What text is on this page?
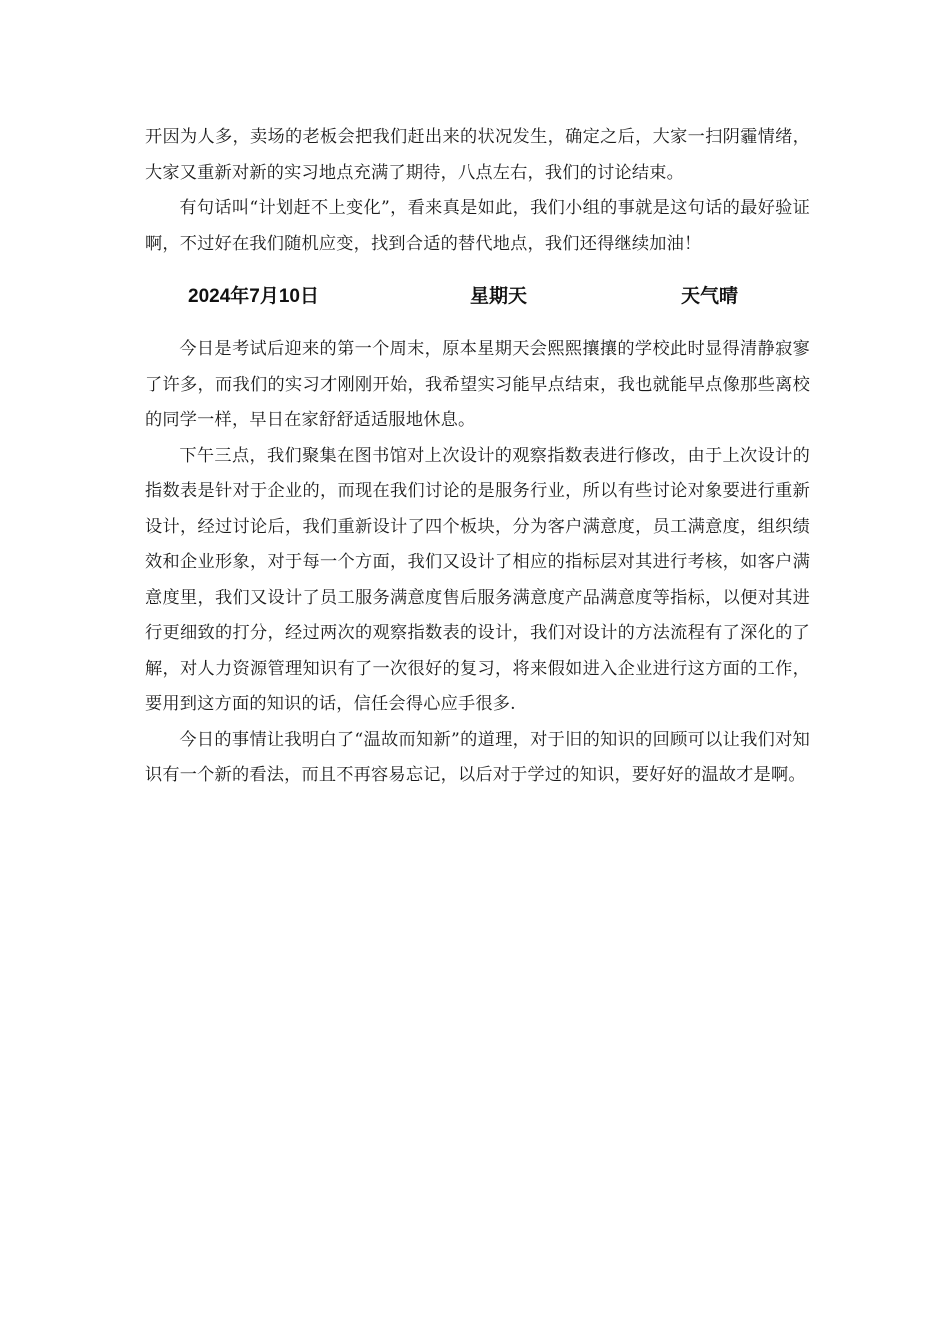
开因为人多，卖场的老板会把我们赶出来的状况发生，确定之后，大家一扫阴霾情绪，大家又重新对新的实习地点充满了期待，八点左右，我们的讨论结束。

有句话叫“计划赶不上变化”，看来真是如此，我们小组的事就是这句话的最好验证啊，不过好在我们随机应变，找到合适的替代地点，我们还得继续加油！

2024年7月10日	星期天	天气晴

今日是考试后迎来的第一个周末，原本星期天会熙熙攘攘的学校此时显得清静寂寥了许多，而我们的实习才刚刚开始，我希望实习能早点结束，我也就能早点像那些离校的同学一样，早日在家舒舒适适服地休息。

下午三点，我们聚集在图书馆对上次设计的观察指数表进行修改，由于上次设计的指数表是针对于企业的，而现在我们讨论的是服务行业，所以有些讨论对象要进行重新设计，经过讨论后，我们重新设计了四个板块，分为客户满意度，员工满意度，组织绩效和企业形象，对于每一个方面，我们又设计了相应的指标层对其进行考核，如客户满意度里，我们又设计了员工服务满意度售后服务满意度产品满意度等指标，以便对其进行更细致的打分，经过两次的观察指数表的设计，我们对设计的方法流程有了深化的了解，对人力资源管理知识有了一次很好的复习，将来假如进入企业进行这方面的工作，要用到这方面的知识的话，信任会得心应手很多.

今日的事情让我明白了“温故而知新”的道理，对于旧的知识的回顾可以让我们对知识有一个新的看法，而且不再容易忘记，以后对于学过的知识，要好好的温故才是啊。
